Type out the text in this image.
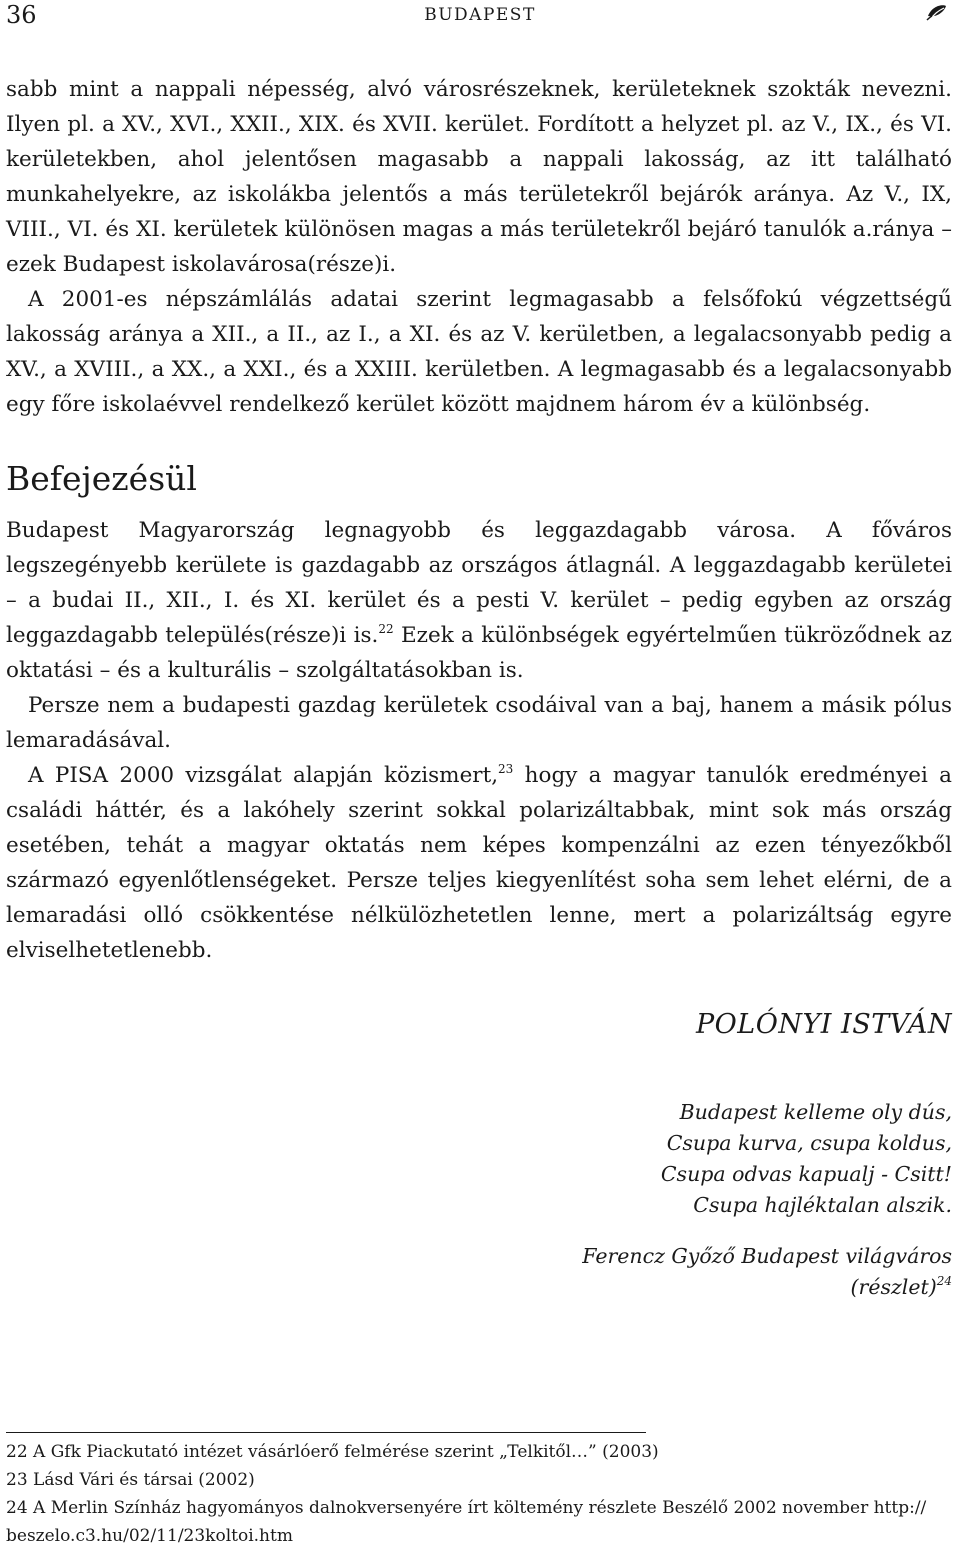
36	BUDAPEST

sabb mint a nappali népesség, alvó városrészeknek, kerületeknek szokták nevezni. Ilyen pl. a XV., XVI., XXII., XIX. és XVII. kerület. Fordított a helyzet pl. az V., IX., és VI. kerületekben, ahol jelentősen magasabb a nappali lakosság, az itt található munkahelyekre, az iskolákba jelentős a más területekről bejárók aránya. Az V., IX, VIII., VI. és XI. kerületek különösen magas a más területekről bejáró tanulók a.ránya – ezek Budapest iskolavárosa(része)i.

A 2001-es népszámlálás adatai szerint legmagasabb a felsőfokú végzettségű lakosság aránya a XII., a II., az I., a XI. és az V. kerületben, a legalacsonyabb pedig a XV., a XVIII., a XX., a XXI., és a XXIII. kerületben. A legmagasabb és a legalacsonyabb egy főre iskolaévvel rendelkező kerület között majdnem három év a különbség.

Befejezésül

Budapest Magyarország legnagyobb és leggazdagabb városa. A főváros legszegényebb kerülete is gazdagabb az országos átlagnál. A leggazdagabb kerületei – a budai II., XII., I. és XI. kerület és a pesti V. kerület – pedig egyben az ország leggazdagabb település(része)i is.$^{22}$ Ezek a különbségek egyértelműen tükröződnek az oktatási – és a kulturális – szolgáltatásokban is.

Persze nem a budapesti gazdag kerületek csodáival van a baj, hanem a másik pólus lemaradásával.

A PISA 2000 vizsgálat alapján közismert,$^{23}$ hogy a magyar tanulók eredményei a családi háttér, és a lakóhely szerint sokkal polarizáltabbak, mint sok más ország esetében, tehát a magyar oktatás nem képes kompenzálni az ezen tényezőkből származó egyenlőtlenségeket. Persze teljes kiegyenlítést soha sem lehet elérni, de a lemaradási olló csökkentése nélkülözhetetlen lenne, mert a polarizáltság egyre elviselhetetlenebb.

POLÓNYI ISTVÁN
Budapest kelleme oly dús,
Csupa kurva, csupa koldus,
Csupa odvas kapualj - Csitt!
Csupa hajléktalan alszik.
Ferencz Győző Budapest világváros
(részlet)$^{24}$

22 A Gfk Piackutató intézet vásárlóerő felmérése szerint „Telkitől…” (2003)

23 Lásd Vári és társai (2002)

24 A Merlin Színház hagyományos dalnokversenyére írt költemény részlete Beszélő 2002 november http:// beszelo.c3.hu/02/11/23koltoi.htm
